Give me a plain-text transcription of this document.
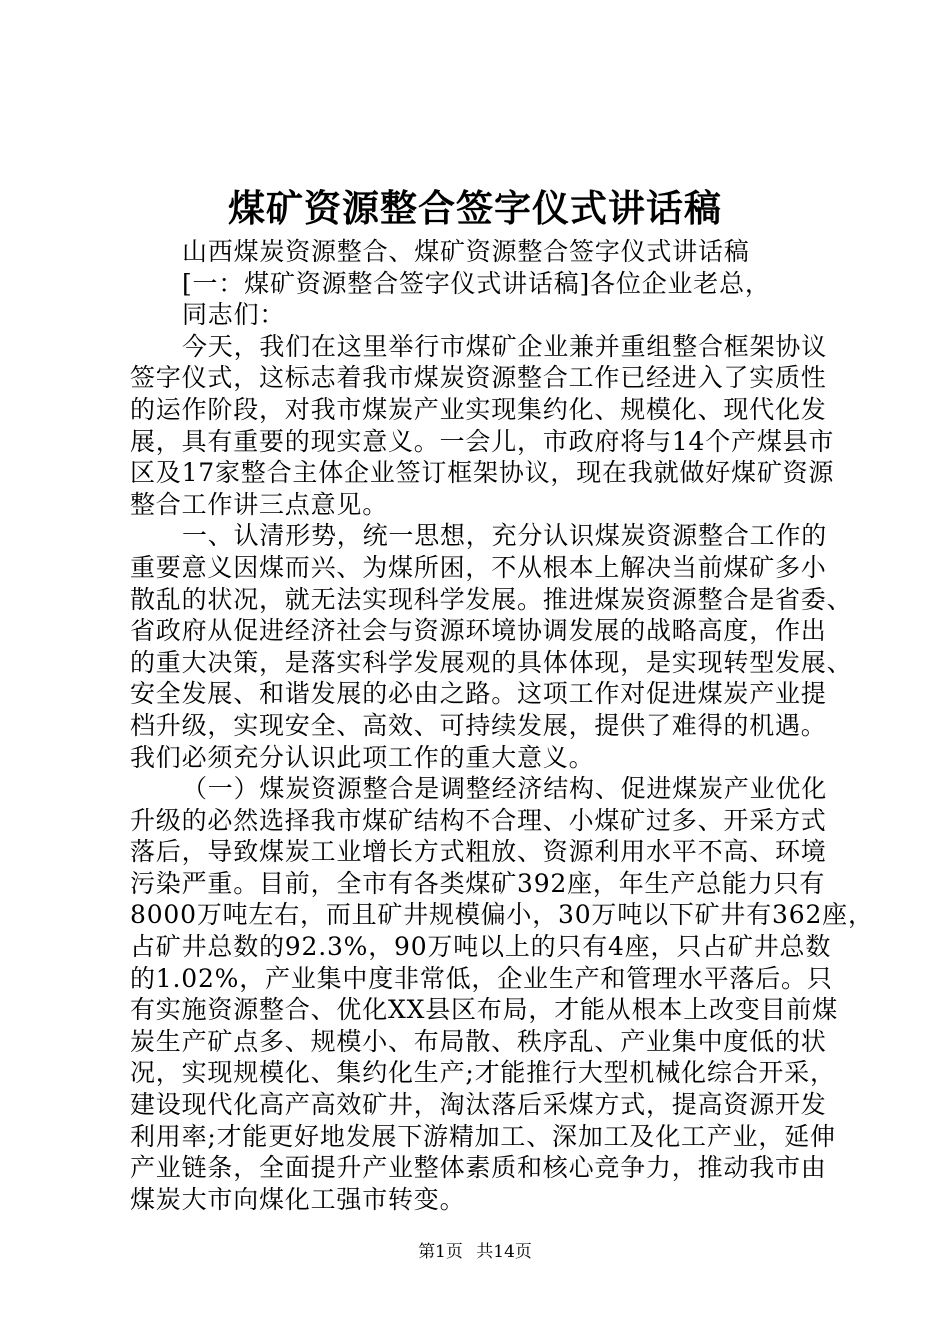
煤矿资源整合签字仪式讲话稿
山西煤炭资源整合、煤矿资源整合签字仪式讲话稿
[一：煤矿资源整合签字仪式讲话稿]各位企业老总，
同志们：
今天，我们在这里举行市煤矿企业兼并重组整合框架协议
签字仪式，这标志着我市煤炭资源整合工作已经进入了实质性
的运作阶段，对我市煤炭产业实现集约化、规模化、现代化发
展，具有重要的现实意义。一会儿，市政府将与14个产煤县市
区及17家整合主体企业签订框架协议，现在我就做好煤矿资源
整合工作讲三点意见。
一、认清形势，统一思想，充分认识煤炭资源整合工作的
重要意义因煤而兴、为煤所困，不从根本上解决当前煤矿多小
散乱的状况，就无法实现科学发展。推进煤炭资源整合是省委、
省政府从促进经济社会与资源环境协调发展的战略高度，作出
的重大决策，是落实科学发展观的具体体现，是实现转型发展、
安全发展、和谐发展的必由之路。这项工作对促进煤炭产业提
档升级，实现安全、高效、可持续发展，提供了难得的机遇。
我们必须充分认识此项工作的重大意义。
（一）煤炭资源整合是调整经济结构、促进煤炭产业优化
升级的必然选择我市煤矿结构不合理、小煤矿过多、开采方式
落后，导致煤炭工业增长方式粗放、资源利用水平不高、环境
污染严重。目前，全市有各类煤矿392座，年生产总能力只有
8000万吨左右，而且矿井规模偏小，30万吨以下矿井有362座，
占矿井总数的92.3%，90万吨以上的只有4座，只占矿井总数
的1.02%，产业集中度非常低，企业生产和管理水平落后。只
有实施资源整合、优化XX县区布局，才能从根本上改变目前煤
炭生产矿点多、规模小、布局散、秩序乱、产业集中度低的状
况，实现规模化、集约化生产;才能推行大型机械化综合开采，
建设现代化高产高效矿井，淘汰落后采煤方式，提高资源开发
利用率;才能更好地发展下游精加工、深加工及化工产业，延伸
产业链条，全面提升产业整体素质和核心竞争力，推动我市由
煤炭大市向煤化工强市转变。
第1页 共14页
